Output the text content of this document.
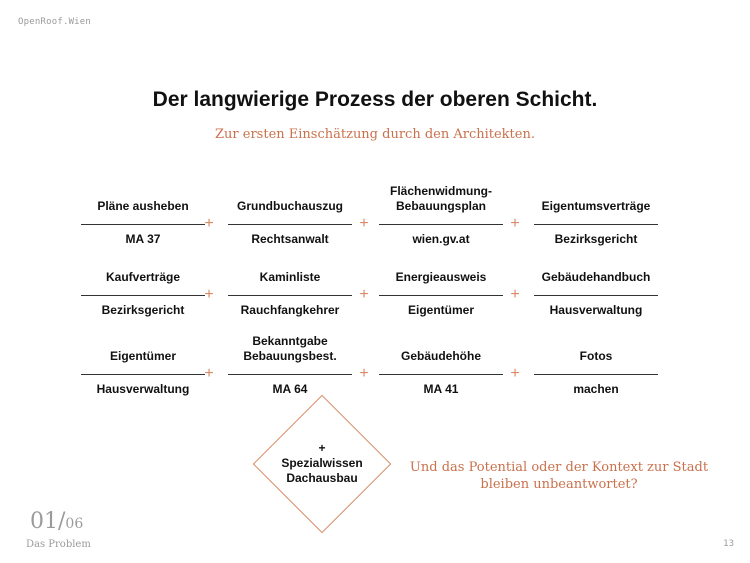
OpenRoof.Wien
Der langwierige Prozess der oberen Schicht.
Zur ersten Einschätzung durch den Architekten.
Pläne ausheben
MA 37
+
Grundbuchauszug
Rechtsanwalt
+
Flächenwidmung-
Bebauungsplan
wien.gv.at
+
Eigentumsverträge
Bezirksgericht
Kaufverträge
Bezirksgericht
+
Kaminliste
Rauchfangkehrer
+
Energieausweis
Eigentümer
+
Gebäudehandbuch
Hausverwaltung
Eigentümer
Hausverwaltung
+
Bekanntgabe
Bebauungsbest.
MA 64
+
Gebäudehöhe
MA 41
+
Fotos
machen
+
Spezialwissen
Dachausbau
Und das Potential oder der Kontext zur Stadt
bleiben unbeantwortet?
01/06
Das Problem	13
